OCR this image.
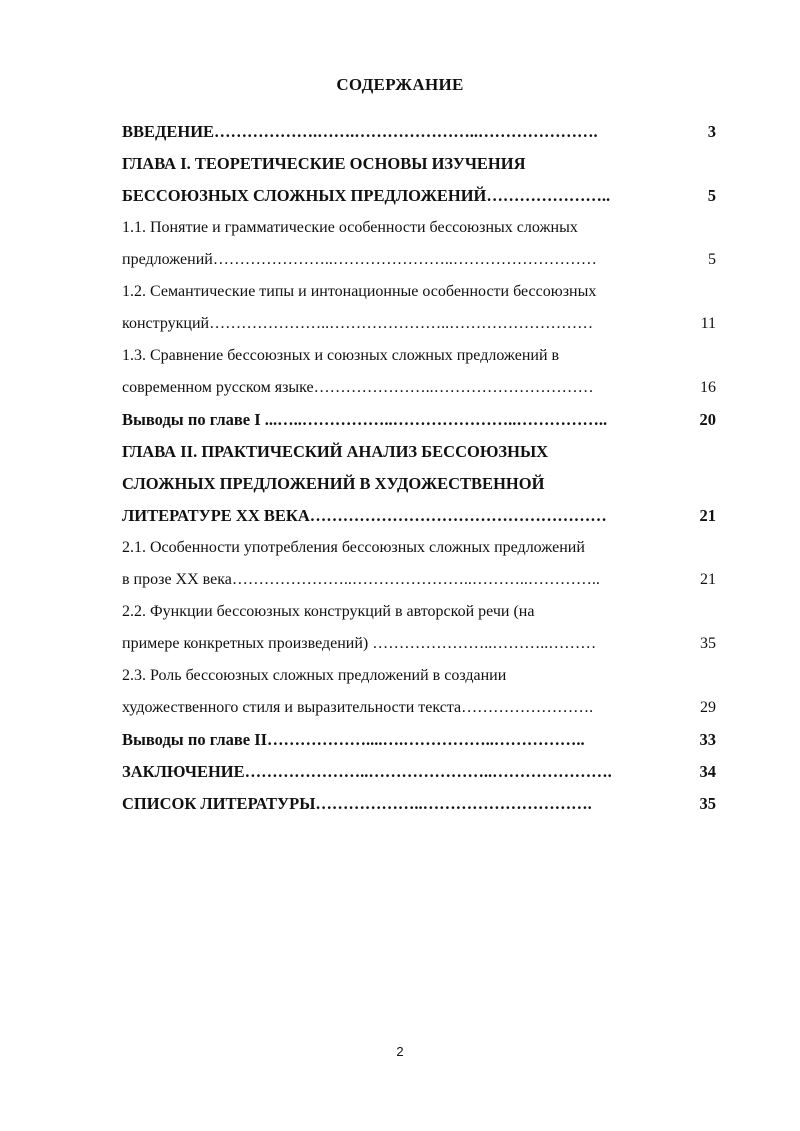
СОДЕРЖАНИЕ
ВВЕДЕНИЕ……………….…….…………………..………………….	3
ГЛАВА I. ТЕОРЕТИЧЕСКИЕ ОСНОВЫ ИЗУЧЕНИЯ
БЕССОЮЗНЫХ СЛОЖНЫХ ПРЕДЛОЖЕНИЙ…………………..	5
1.1. Понятие и грамматические особенности бессоюзных сложных
предложений…………………..…………………..………………………	5
1.2. Семантические типы и интонационные особенности бессоюзных
конструкций…………………..…………………..………………………	11
1.3. Сравнение бессоюзных и союзных сложных предложений в
современном русском языке…………………..…………………………	16
Выводы по главе I ...…..……………..…………………..……………..	20
ГЛАВА II. ПРАКТИЧЕСКИЙ АНАЛИЗ БЕССОЮЗНЫХ
СЛОЖНЫХ ПРЕДЛОЖЕНИЙ В ХУДОЖЕСТВЕННОЙ
ЛИТЕРАТУРЕ XX ВЕКА………………………………………………	21
2.1. Особенности употребления бессоюзных сложных предложений
в прозе XX века…………………..…………………..………..…………..	21
2.2. Функции бессоюзных конструкций в авторской речи (на
примере конкретных произведений) …………………..………..………	35
2.3. Роль бессоюзных сложных предложений в создании
художественного стиля и выразительности текста…………………….	29
Выводы по главе II………………....….……………..……………..	33
ЗАКЛЮЧЕНИЕ…………………..…………………..………………….	34
СПИСОК ЛИТЕРАТУРЫ………………..………………………….	35
2
